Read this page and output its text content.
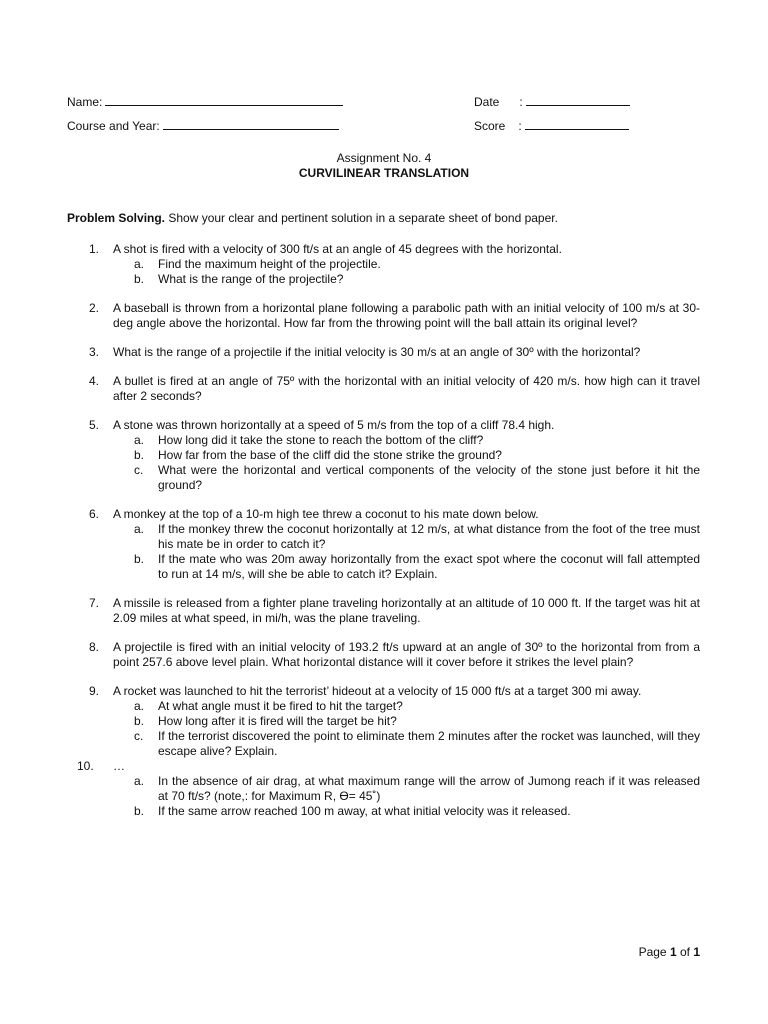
Name:
Course and Year:
Date :
Score :
Assignment No. 4
CURVILINEAR TRANSLATION
Problem Solving. Show your clear and pertinent solution in a separate sheet of bond paper.
1. A shot is fired with a velocity of 300 ft/s at an angle of 45 degrees with the horizontal.
a. Find the maximum height of the projectile.
b. What is the range of the projectile?
2. A baseball is thrown from a horizontal plane following a parabolic path with an initial velocity of 100 m/s at 30-deg angle above the horizontal. How far from the throwing point will the ball attain its original level?
3. What is the range of a projectile if the initial velocity is 30 m/s at an angle of 30º with the horizontal?
4. A bullet is fired at an angle of 75º with the horizontal with an initial velocity of 420 m/s. how high can it travel after 2 seconds?
5. A stone was thrown horizontally at a speed of 5 m/s from the top of a cliff 78.4 high.
a. How long did it take the stone to reach the bottom of the cliff?
b. How far from the base of the cliff did the stone strike the ground?
c. What were the horizontal and vertical components of the velocity of the stone just before it hit the ground?
6. A monkey at the top of a 10-m high tee threw a coconut to his mate down below.
a. If the monkey threw the coconut horizontally at 12 m/s, at what distance from the foot of the tree must his mate be in order to catch it?
b. If the mate who was 20m away horizontally from the exact spot where the coconut will fall attempted to run at 14 m/s, will she be able to catch it? Explain.
7. A missile is released from a fighter plane traveling horizontally at an altitude of 10 000 ft. If the target was hit at 2.09 miles at what speed, in mi/h, was the plane traveling.
8. A projectile is fired with an initial velocity of 193.2 ft/s upward at an angle of 30º to the horizontal from from a point 257.6 above level plain. What horizontal distance will it cover before it strikes the level plain?
9. A rocket was launched to hit the terrorist’ hideout at a velocity of 15 000 ft/s at a target 300 mi away.
a. At what angle must it be fired to hit the target?
b. How long after it is fired will the target be hit?
c. If the terrorist discovered the point to eliminate them 2 minutes after the rocket was launched, will they escape alive? Explain.
10. …
a. In the absence of air drag, at what maximum range will the arrow of Jumong reach if it was released at 70 ft/s? (note,: for Maximum R, ϴ= 45˚)
b. If the same arrow reached 100 m away, at what initial velocity was it released.
Page 1 of 1
